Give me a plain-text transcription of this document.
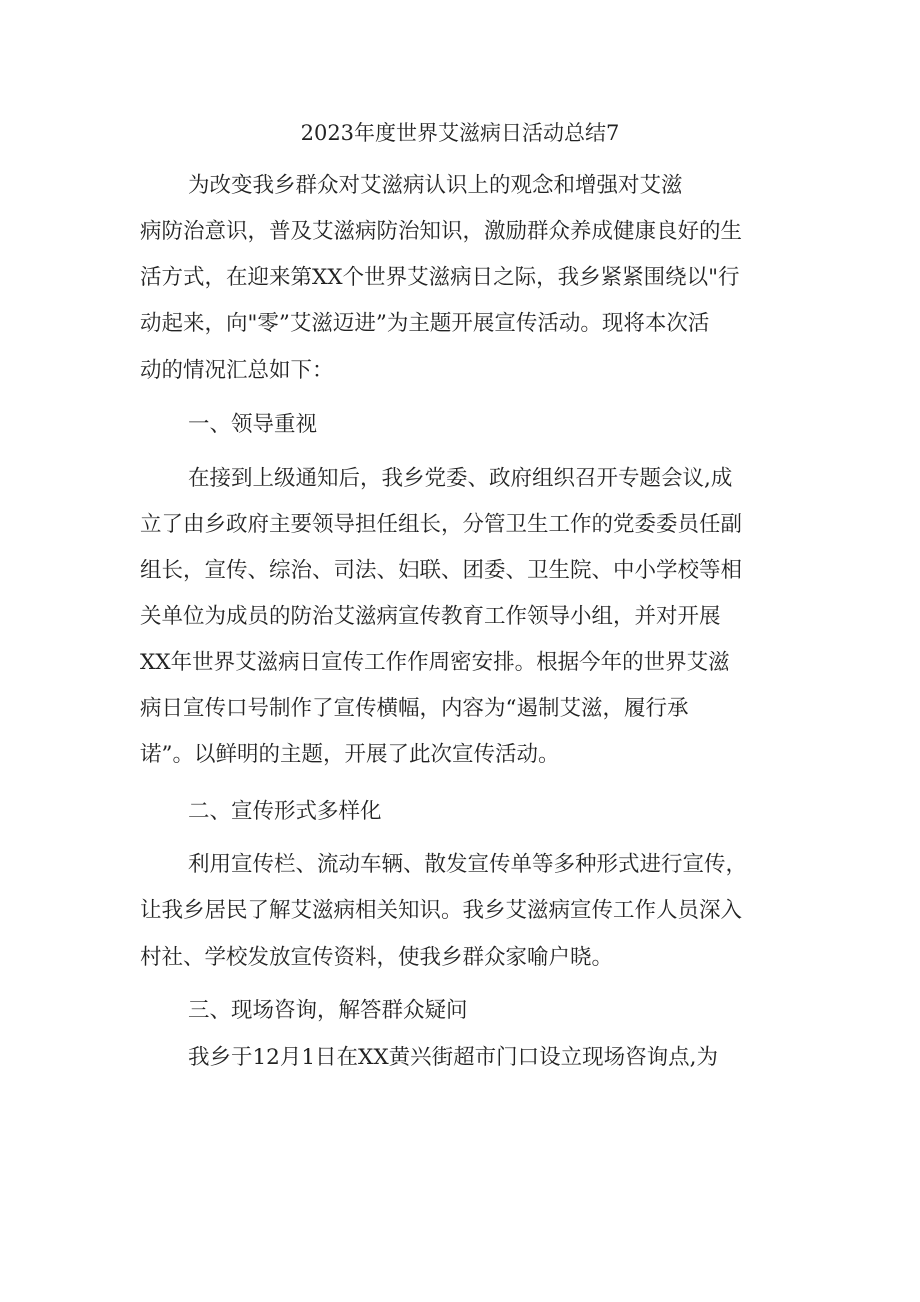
2023年度世界艾滋病日活动总结7
为改变我乡群众对艾滋病认识上的观念和增强对艾滋
病防治意识，普及艾滋病防治知识，激励群众养成健康良好的生
活方式，在迎来第XX个世界艾滋病日之际，我乡紧紧围绕以"行
动起来，向"零”艾滋迈进”为主题开展宣传活动。现将本次活
动的情况汇总如下：
一、领导重视
在接到上级通知后，我乡党委、政府组织召开专题会议,成
立了由乡政府主要领导担任组长，分管卫生工作的党委委员任副
组长，宣传、综治、司法、妇联、团委、卫生院、中小学校等相
关单位为成员的防治艾滋病宣传教育工作领导小组，并对开展
XX年世界艾滋病日宣传工作作周密安排。根据今年的世界艾滋
病日宣传口号制作了宣传横幅，内容为“遏制艾滋，履行承
诺”。以鲜明的主题，开展了此次宣传活动。
二、宣传形式多样化
利用宣传栏、流动车辆、散发宣传单等多种形式进行宣传，
让我乡居民了解艾滋病相关知识。我乡艾滋病宣传工作人员深入
村社、学校发放宣传资料，使我乡群众家喻户晓。
三、现场咨询，解答群众疑问
我乡于12月1日在XX黄兴街超市门口设立现场咨询点,为
